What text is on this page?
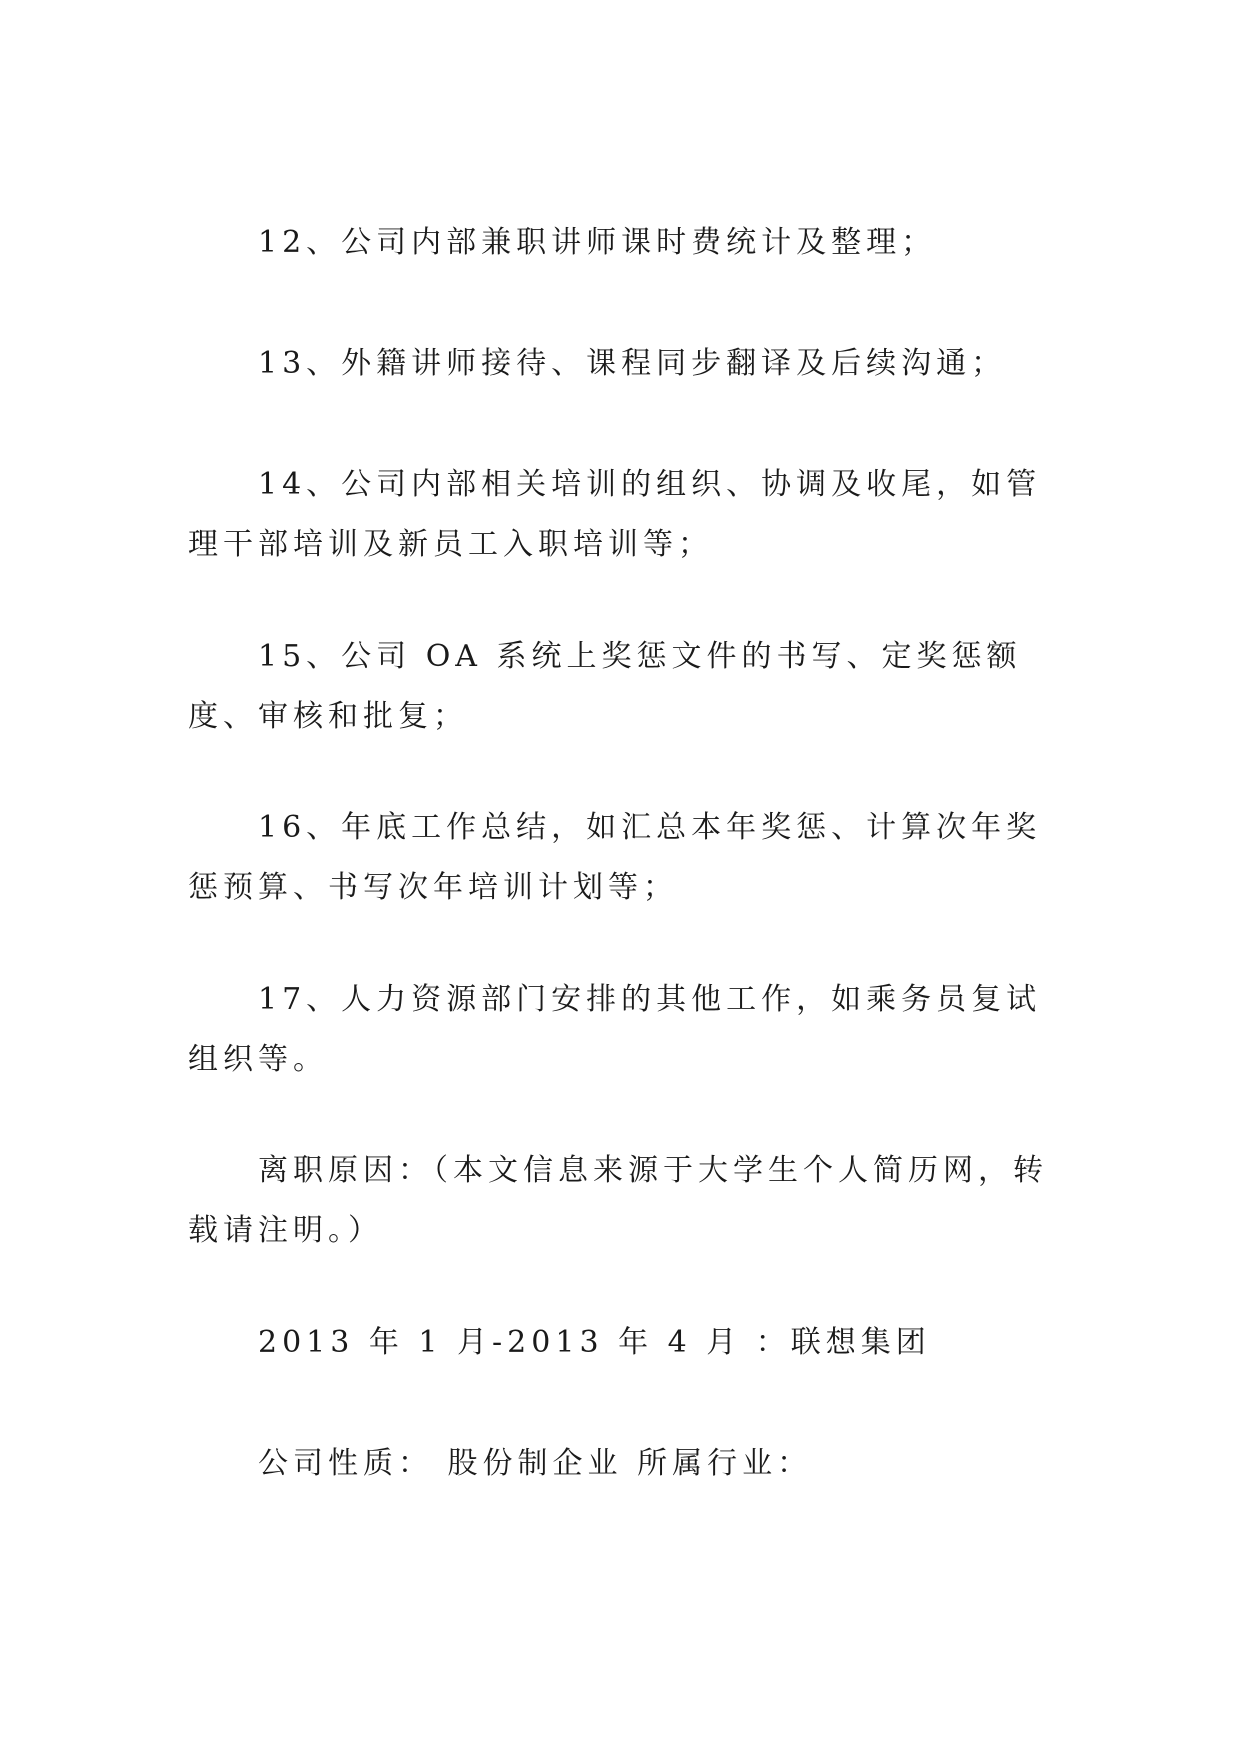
12、公司内部兼职讲师课时费统计及整理；

13、外籍讲师接待、课程同步翻译及后续沟通；

14、公司内部相关培训的组织、协调及收尾，如管理干部培训及新员工入职培训等；

15、公司 OA 系统上奖惩文件的书写、定奖惩额度、审核和批复；

16、年底工作总结，如汇总本年奖惩、计算次年奖惩预算、书写次年培训计划等；

17、人力资源部门安排的其他工作，如乘务员复试组织等。

离职原因：（本文信息来源于大学生个人简历网，转载请注明。）

2013 年 1 月-2013 年 4 月 ：联想集团

公司性质： 股份制企业 所属行业：
